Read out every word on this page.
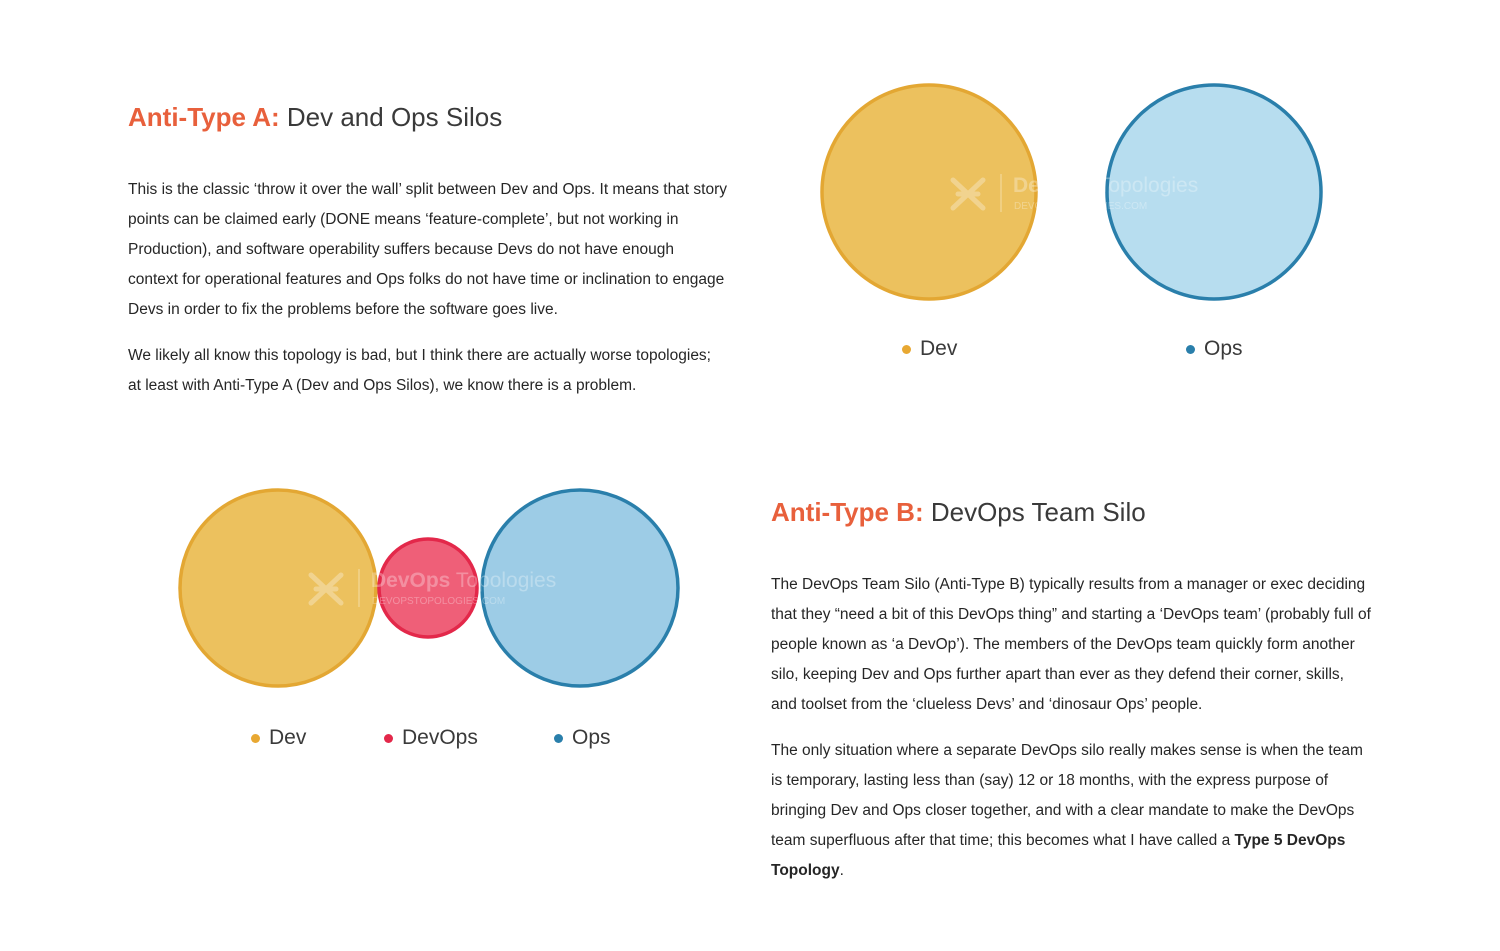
Anti-Type A: Dev and Ops Silos

This is the classic ‘throw it over the wall’ split between Dev and Ops. It means that story points can be claimed early (DONE means ‘feature-complete’, but not working in Production), and software operability suffers because Devs do not have enough context for operational features and Ops folks do not have time or inclination to engage Devs in order to fix the problems before the software goes live.

We likely all know this topology is bad, but I think there are actually worse topologies; at least with Anti-Type A (Dev and Ops Silos), we know there is a problem.

DevOps Topologies
DEVOPSTOPOLOGIES.COM
Dev	Ops
DevOps Topologies
DEVOPSTOPOLOGIES.COM
Dev	DevOps	Ops
Anti-Type B: DevOps Team Silo

The DevOps Team Silo (Anti-Type B) typically results from a manager or exec deciding that they “need a bit of this DevOps thing” and starting a ‘DevOps team’ (probably full of people known as ‘a DevOp’). The members of the DevOps team quickly form another silo, keeping Dev and Ops further apart than ever as they defend their corner, skills, and toolset from the ‘clueless Devs’ and ‘dinosaur Ops’ people.

The only situation where a separate DevOps silo really makes sense is when the team is temporary, lasting less than (say) 12 or 18 months, with the express purpose of bringing Dev and Ops closer together, and with a clear mandate to make the DevOps team superfluous after that time; this becomes what I have called a Type 5 DevOps Topology.
